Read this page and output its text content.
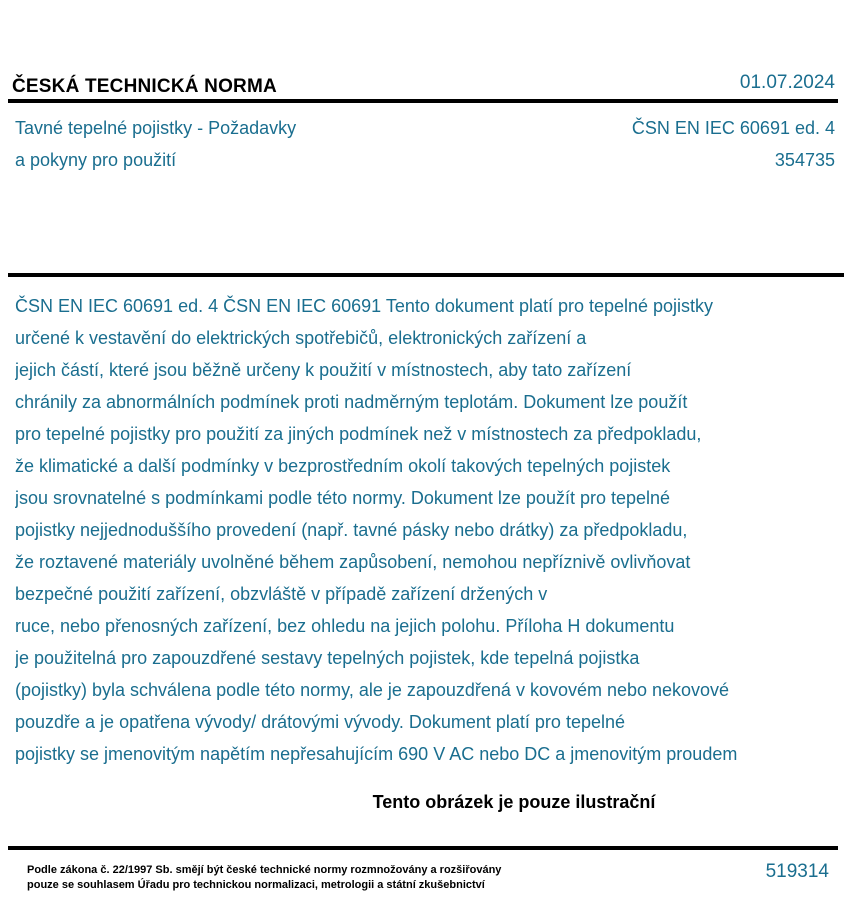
ČESKÁ TECHNICKÁ NORMA	01.07.2024
Tavné tepelné pojistky - Požadavky
a pokyny pro použití
ČSN EN IEC 60691 ed. 4
354735
ČSN EN IEC 60691 ed. 4 ČSN EN IEC 60691 Tento dokument platí pro tepelné pojistky
určené k vestavění do elektrických spotřebičů, elektronických zařízení a
jejich částí, které jsou běžně určeny k použití v místnostech, aby tato zařízení
chránily za abnormálních podmínek proti nadměrným teplotám. Dokument lze použít
pro tepelné pojistky pro použití za jiných podmínek než v místnostech za předpokladu,
že klimatické a další podmínky v bezprostředním okolí takových tepelných pojistek
jsou srovnatelné s podmínkami podle této normy. Dokument lze použít pro tepelné
pojistky nejjednoduššího provedení (např. tavné pásky nebo drátky) za předpokladu,
že roztavené materiály uvolněné během zapůsobení, nemohou nepříznivě ovlivňovat
bezpečné použití zařízení, obzvláště v případě zařízení držených v
ruce, nebo přenosných zařízení, bez ohledu na jejich polohu. Příloha H dokumentu
je použitelná pro zapouzdřené sestavy tepelných pojistek, kde tepelná pojistka
(pojistky) byla schválena podle této normy, ale je zapouzdřená v kovovém nebo nekovové
pouzdře a je opatřena vývody/ drátovými vývody. Dokument platí pro tepelné
pojistky se jmenovitým napětím nepřesahujícím 690 V AC nebo DC a jmenovitým proudem
Tento obrázek je pouze ilustrační
Podle zákona č. 22/1997 Sb. smějí být české technické normy rozmnožovány a rozšiřovány
pouze se souhlasem Úřadu pro technickou normalizaci, metrologii a státní zkušebnictví
519314
